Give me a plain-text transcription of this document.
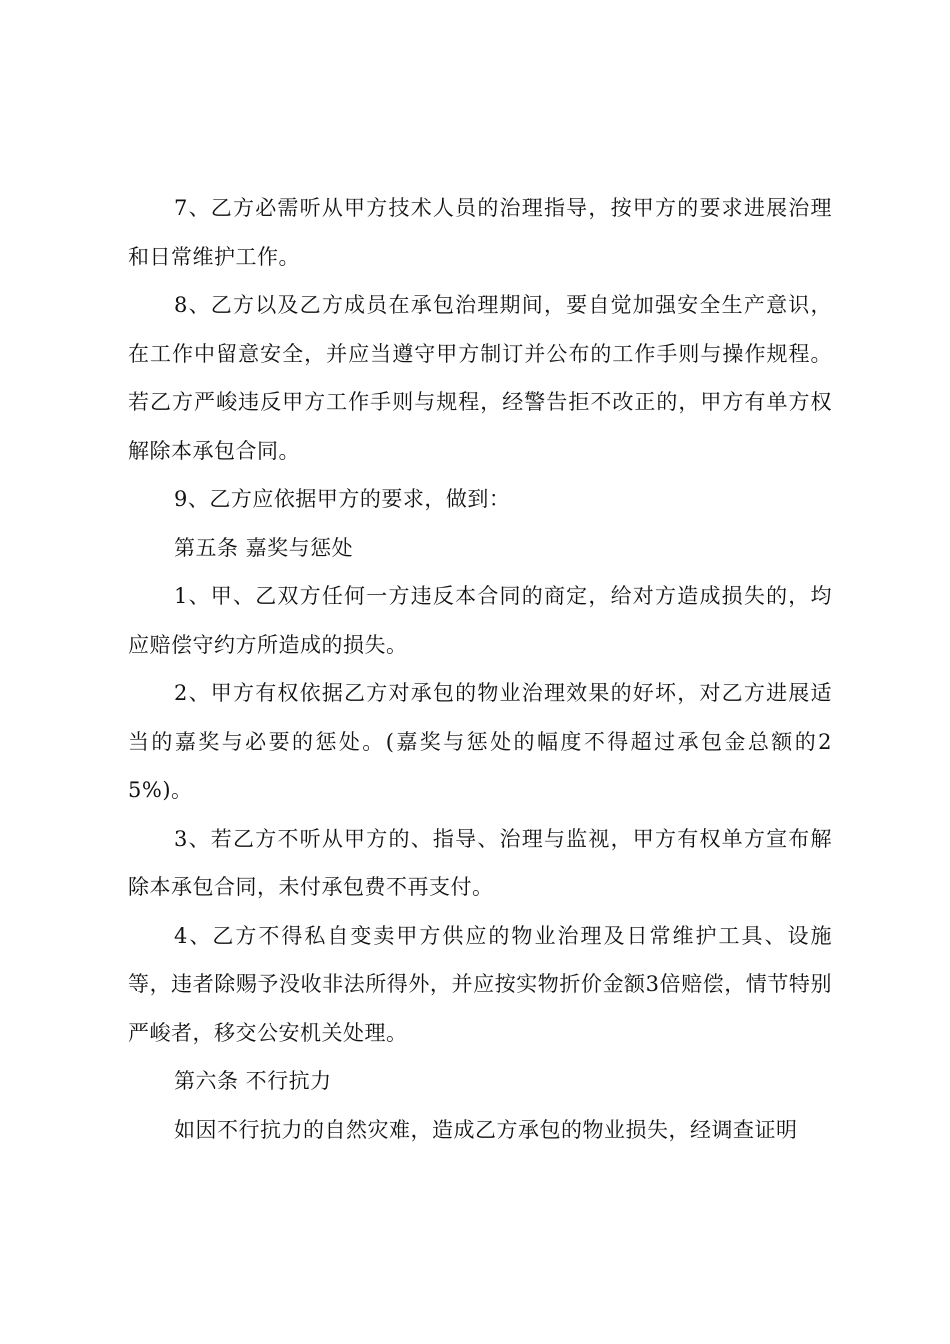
7、乙方必需听从甲方技术人员的治理指导，按甲方的要求进展治理和日常维护工作。

8、乙方以及乙方成员在承包治理期间，要自觉加强安全生产意识，在工作中留意安全，并应当遵守甲方制订并公布的工作手则与操作规程。若乙方严峻违反甲方工作手则与规程，经警告拒不改正的，甲方有单方权解除本承包合同。

9、乙方应依据甲方的要求，做到：

第五条 嘉奖与惩处

1、甲、乙双方任何一方违反本合同的商定，给对方造成损失的，均应赔偿守约方所造成的损失。

2、甲方有权依据乙方对承包的物业治理效果的好坏，对乙方进展适当的嘉奖与必要的惩处。(嘉奖与惩处的幅度不得超过承包金总额的25%)。

3、若乙方不听从甲方的、指导、治理与监视，甲方有权单方宣布解除本承包合同，未付承包费不再支付。

4、乙方不得私自变卖甲方供应的物业治理及日常维护工具、设施等，违者除赐予没收非法所得外，并应按实物折价金额3倍赔偿，情节特别严峻者，移交公安机关处理。

第六条 不行抗力

如因不行抗力的自然灾难，造成乙方承包的物业损失，经调查证明
